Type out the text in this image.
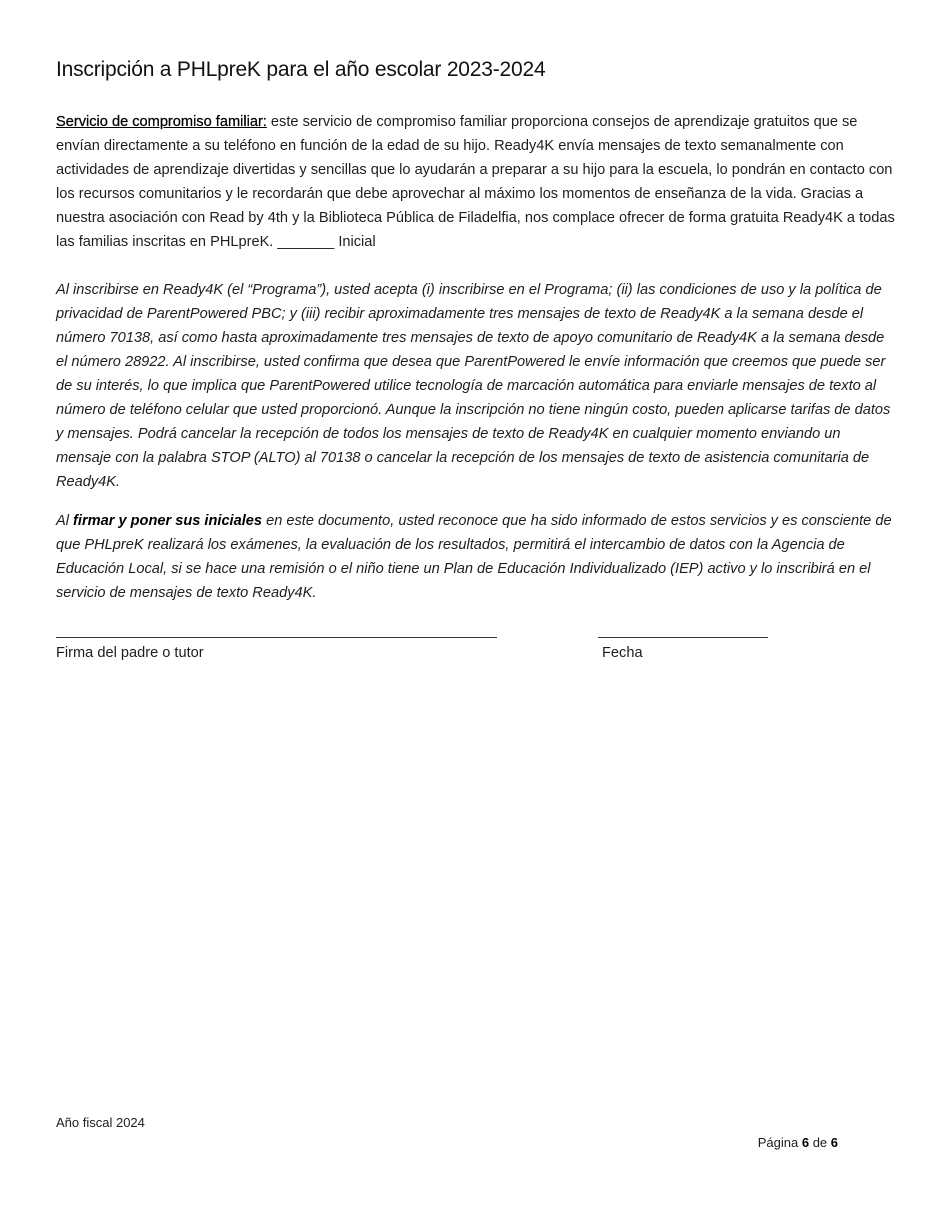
Inscripción a PHLpreK para el año escolar 2023-2024

Servicio de compromiso familiar: este servicio de compromiso familiar proporciona consejos de aprendizaje gratuitos que se envían directamente a su teléfono en función de la edad de su hijo. Ready4K envía mensajes de texto semanalmente con actividades de aprendizaje divertidas y sencillas que lo ayudarán a preparar a su hijo para la escuela, lo pondrán en contacto con los recursos comunitarios y le recordarán que debe aprovechar al máximo los momentos de enseñanza de la vida. Gracias a nuestra asociación con Read by 4th y la Biblioteca Pública de Filadelfia, nos complace ofrecer de forma gratuita Ready4K a todas las familias inscritas en PHLpreK. _______ Inicial

Al inscribirse en Ready4K (el “Programa”), usted acepta (i) inscribirse en el Programa; (ii) las condiciones de uso y la política de privacidad de ParentPowered PBC; y (iii) recibir aproximadamente tres mensajes de texto de Ready4K a la semana desde el número 70138, así como hasta aproximadamente tres mensajes de texto de apoyo comunitario de Ready4K a la semana desde el número 28922. Al inscribirse, usted confirma que desea que ParentPowered le envíe información que creemos que puede ser de su interés, lo que implica que ParentPowered utilice tecnología de marcación automática para enviarle mensajes de texto al número de teléfono celular que usted proporcionó. Aunque la inscripción no tiene ningún costo, pueden aplicarse tarifas de datos y mensajes. Podrá cancelar la recepción de todos los mensajes de texto de Ready4K en cualquier momento enviando un mensaje con la palabra STOP (ALTO) al 70138 o cancelar la recepción de los mensajes de texto de asistencia comunitaria de Ready4K.

Al firmar y poner sus iniciales en este documento, usted reconoce que ha sido informado de estos servicios y es consciente de que PHLpreK realizará los exámenes, la evaluación de los resultados, permitirá el intercambio de datos con la Agencia de Educación Local, si se hace una remisión o el niño tiene un Plan de Educación Individualizado (IEP) activo y lo inscribirá en el servicio de mensajes de texto Ready4K.

Firma del padre o tutor	Fecha
Año fiscal 2024
Página 6 de 6
